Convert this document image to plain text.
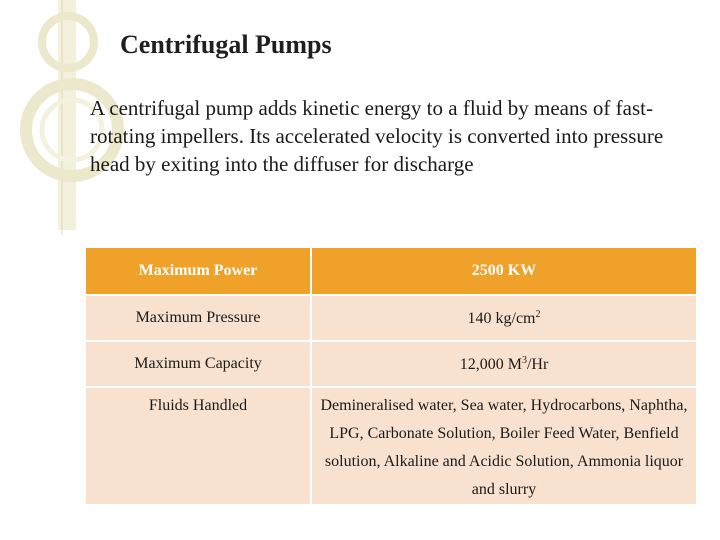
Centrifugal Pumps

A centrifugal pump adds kinetic energy to a fluid by means of fast-rotating impellers. Its accelerated velocity is converted into pressure head by exiting into the diffuser for discharge

Maximum Power	2500 KW
Maximum Pressure	140 $kg/cm^2$
Maximum Capacity	12,000 $M^3/Hr$
Fluids Handled	Demineralised water, Sea water, Hydrocarbons, Naphtha, LPG, Carbonate Solution, Boiler Feed Water, Benfield solution, Alkaline and Acidic Solution, Ammonia liquor and slurry
